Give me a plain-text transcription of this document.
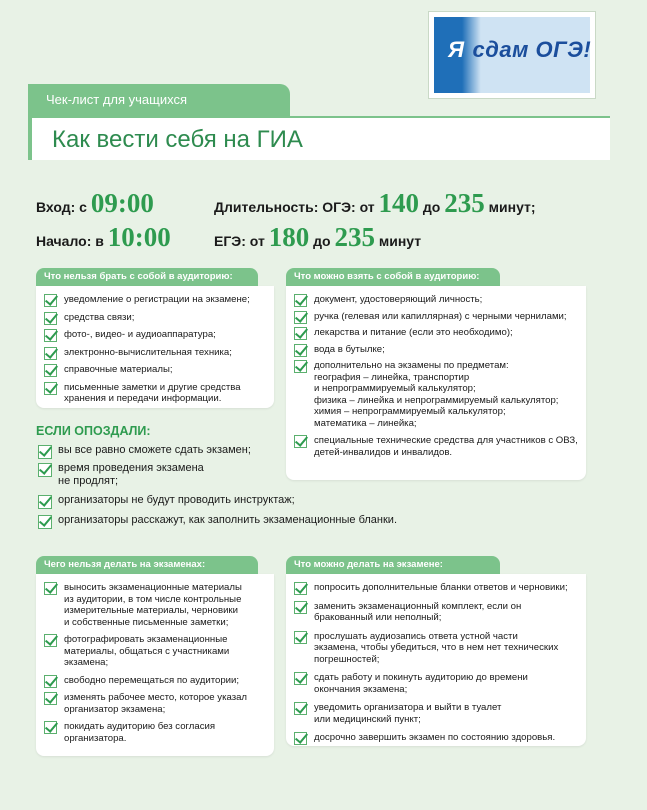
Я сдам ОГЭ!
Чек-лист для учащихся
Как вести себя на ГИА
Вход: с 09:00
Начало: в 10:00
Длительность: ОГЭ: от 140 до 235 минут;
ЕГЭ: от 180 до 235 минут
Что нельзя брать с собой в аудиторию:
уведомление о регистрации на экзамене;
средства связи;
фото-, видео- и аудиоаппаратура;
электронно-вычислительная техника;
справочные материалы;
письменные заметки и другие средства
хранения и передачи информации.
Что можно взять с собой в аудиторию:
документ, удостоверяющий личность;
ручка (гелевая или капиллярная) с черными чернилами;
лекарства и питание (если это необходимо);
вода в бутылке;
дополнительно на экзамены по предметам:
география – линейка, транспортир
и непрограммируемый калькулятор;
физика – линейка и непрограммируемый калькулятор;
химия – непрограммируемый калькулятор;
математика – линейка;
специальные технические средства для участников с ОВЗ,
детей-инвалидов и инвалидов.
ЕСЛИ ОПОЗДАЛИ:
вы все равно сможете сдать экзамен;
время проведения экзамена
не продлят;
организаторы не будут проводить инструктаж;
организаторы расскажут, как заполнить экзаменационные бланки.
Чего нельзя делать на экзаменах:
выносить экзаменационные материалы
из аудитории, в том числе контрольные
измерительные материалы, черновики
и собственные письменные заметки;
фотографировать экзаменационные
материалы, общаться с участниками
экзамена;
свободно перемещаться по аудитории;
изменять рабочее место, которое указал
организатор экзамена;
покидать аудиторию без согласия
организатора.
Что можно делать на экзамене:
попросить дополнительные бланки ответов и черновики;
заменить экзаменационный комплект, если он
бракованный или неполный;
прослушать аудиозапись ответа устной части
экзамена, чтобы убедиться, что в нем нет технических
погрешностей;
сдать работу и покинуть аудиторию до времени
окончания экзамена;
уведомить организатора и выйти в туалет
или медицинский пункт;
досрочно завершить экзамен по состоянию здоровья.
